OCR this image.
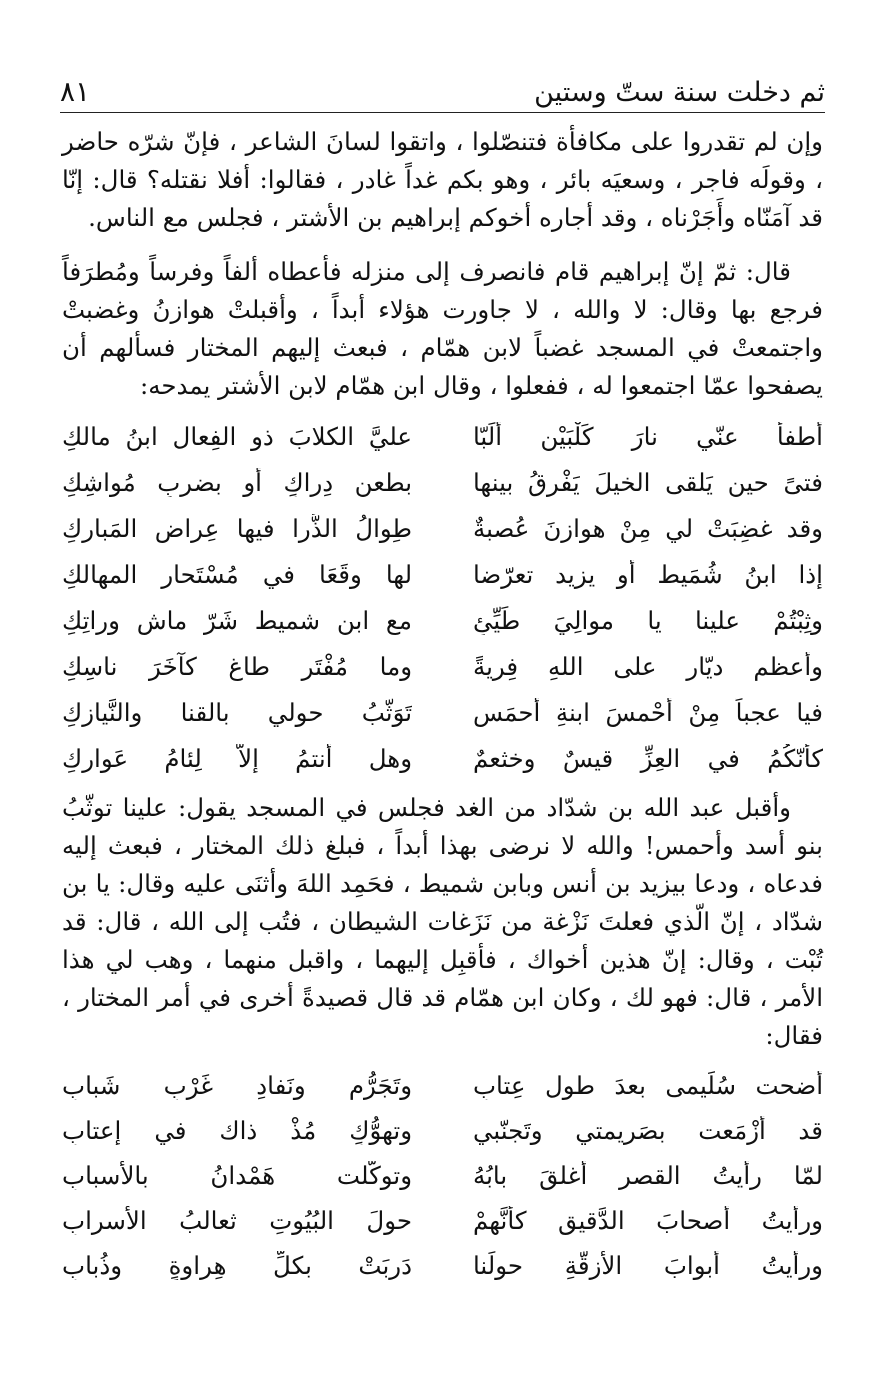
ثم دخلت سنة ستّ وستين
٨١

وإن لم تقدروا على مكافأة فتنصّلوا ، واتقوا لسانَ الشاعر ، فإنّ شرّه حاضر ، وقولَه فاجر ، وسعيَه بائر ، وهو بكم غداً غادر ، فقالوا: أفلا نقتله؟ قال: إنّا قد آمَنّاه وأَجَرْناه ، وقد أجاره أخوكم إبراهيم بن الأشتر ، فجلس مع الناس.

قال: ثمّ إنّ إبراهيم قام فانصرف إلى منزله فأعطاه ألفاً وفرساً ومُطرَفاً فرجع بها وقال: لا والله ، لا جاورت هؤلاء أبداً ، وأقبلتْ هوازنُ وغضبتْ واجتمعتْ في المسجد غضباً لابن همّام ، فبعث إليهم المختار فسألهم أن يصفحوا عمّا اجتمعوا له ، ففعلوا ، وقال ابن همّام لابن الأشتر يمدحه:

أطفأَ عنّي نارَ كَلْبَيْنِ أَلَبّا
عليَّ الكلابَ ذو الفِعال ابنُ مالكِ
فتىً حين يَلقى الخيلَ يَفْرقُ بينها
بطعنِ دِراكٍ أو بضربٍ مُواشِكِ
وقد غضِبَتْ لي مِنْ هوازنَ عُصبةٌ
طِوالُ الذُّرا فيها عِراض المَبارِكِ
إذا ابنُ شُمَيط أو يزيد تعرّضا
لها وقَعَا في مُسْتَحارِ المهالكِ
وثِبْتُمْ علينا يا موالِيَ طَيِّئٍ
مع ابن شميط شَرّ ماشٍ وراتِكِ
وأعظمِ ديّارٍ على اللهِ فِريةً
وما مُفْتَرٍ طاغٍ كآخَرَ ناسِكِ
فيا عجباً مِنْ أَحْمسَ ابنةِ أَحمَسٍ
تَوَثّبُ حولي بالقنا والنَّيازِكِ
كأنّكُمُ في العِزِّ قيسٌ وخثعمٌ
وهل أنتمُ إلاّ لِئامُ عَوارِكِ

وأقبل عبد الله بن شدّاد من الغد فجلس في المسجد يقول: علينا توثّبُ بنو أسد وأحمس! والله لا نرضى بهذا أبداً ، فبلغ ذلك المختار ، فبعث إليه فدعاه ، ودعا بيزيد بن أنس وبابن شميط ، فحَمِد اللهَ وأثنَى عليه وقال: يا بن شدّاد ، إنّ الّذي فعلتَ نَزْغة من نَزَغات الشيطان ، فتُب إلى الله ، قال: قد تُبْت ، وقال: إنّ هذين أخواك ، فأقبِل إليهما ، واقبل منهما ، وهب لي هذا الأمر ، قال: فهو لك ، وكان ابن همّام قد قال قصيدةً أخرى في أمر المختار ، فقال:

أضحت سُلَيمى بعدَ طولِ عِتابِ
وتَجَرُّمٍ ونَفادِ غَرْبِ شَبابِ
قد أزْمَعت بصَريمتي وتَجنّبي
وتهوُّكٍ مُذْ ذاك في إعتابِ
لمّا رأيتُ القصر أُغلقَ بابُهُ
وتوكّلت هَمْدانُ بالأَسبابِ
ورأيتُ أصحابَ الدَّقيقِ كأنَّهمْ
حولَ البُيُوتِ ثعالبُ الأَسرابِ
ورأيتُ أبوابَ الأزِقّةِ حولَنا
دَرِبَتْ بكلِّ هِراوةٍ وذُبابِ
